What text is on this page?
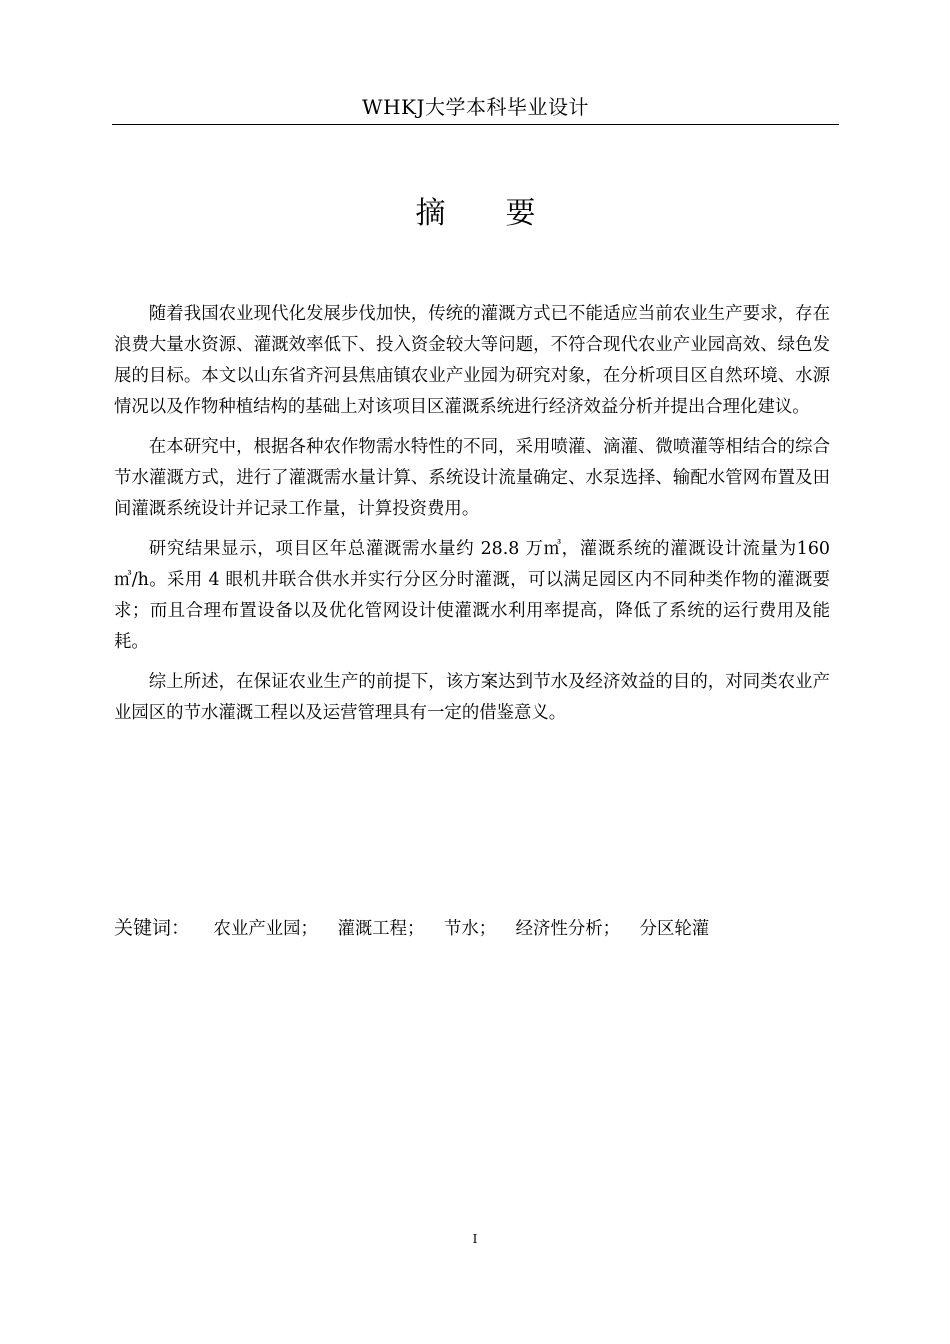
WHKJ大学本科毕业设计
摘　　要

随着我国农业现代化发展步伐加快，传统的灌溉方式已不能适应当前农业生产要求，存在浪费大量水资源、灌溉效率低下、投入资金较大等问题，不符合现代农业产业园高效、绿色发展的目标。本文以山东省齐河县焦庙镇农业产业园为研究对象，在分析项目区自然环境、水源情况以及作物种植结构的基础上对该项目区灌溉系统进行经济效益分析并提出合理化建议。

在本研究中，根据各种农作物需水特性的不同，采用喷灌、滴灌、微喷灌等相结合的综合节水灌溉方式，进行了灌溉需水量计算、系统设计流量确定、水泵选择、输配水管网布置及田间灌溉系统设计并记录工作量，计算投资费用。

研究结果显示，项目区年总灌溉需水量约 28.8 万㎥，灌溉系统的灌溉设计流量为160㎥/h。采用 4 眼机井联合供水并实行分区分时灌溉，可以满足园区内不同种类作物的灌溉要求；而且合理布置设备以及优化管网设计使灌溉水利用率提高，降低了系统的运行费用及能耗。

综上所述，在保证农业生产的前提下，该方案达到节水及经济效益的目的，对同类农业产业园区的节水灌溉工程以及运营管理具有一定的借鉴意义。

关键词： 农业产业园； 灌溉工程； 节水； 经济性分析； 分区轮灌
I
